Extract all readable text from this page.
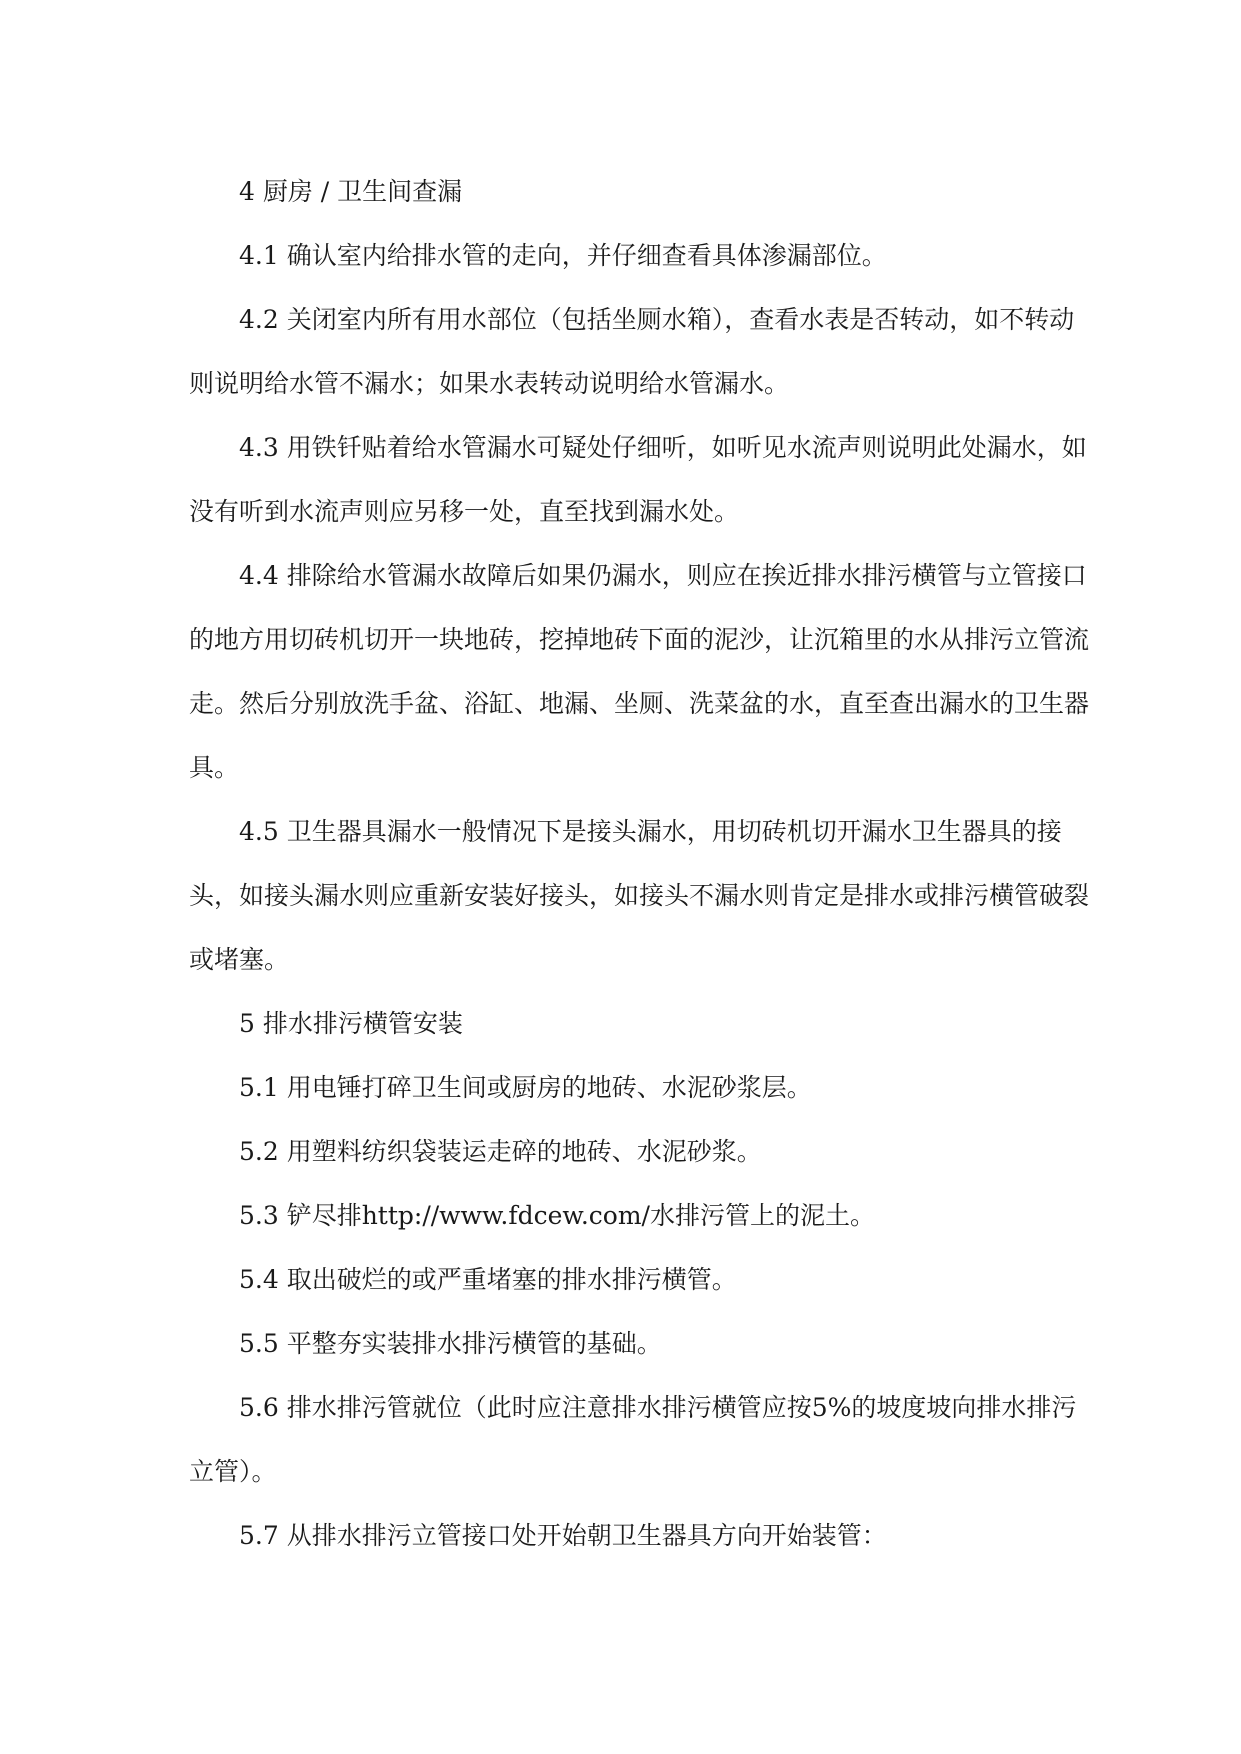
4 厨房 / 卫生间查漏

4.1 确认室内给排水管的走向，并仔细查看具体渗漏部位。

4.2 关闭室内所有用水部位（包括坐厕水箱），查看水表是否转动，如不转动则说明给水管不漏水；如果水表转动说明给水管漏水。

4.3 用铁钎贴着给水管漏水可疑处仔细听，如听见水流声则说明此处漏水，如没有听到水流声则应另移一处，直至找到漏水处。

4.4 排除给水管漏水故障后如果仍漏水，则应在挨近排水排污横管与立管接口的地方用切砖机切开一块地砖，挖掉地砖下面的泥沙，让沉箱里的水从排污立管流走。然后分别放洗手盆、浴缸、地漏、坐厕、洗菜盆的水，直至查出漏水的卫生器具。

4.5 卫生器具漏水一般情况下是接头漏水，用切砖机切开漏水卫生器具的接头，如接头漏水则应重新安装好接头，如接头不漏水则肯定是排水或排污横管破裂或堵塞。

5 排水排污横管安装

5.1 用电锤打碎卫生间或厨房的地砖、水泥砂浆层。

5.2 用塑料纺织袋装运走碎的地砖、水泥砂浆。

5.3 铲尽排http://www.fdcew.com/水排污管上的泥土。

5.4 取出破烂的或严重堵塞的排水排污横管。

5.5 平整夯实装排水排污横管的基础。

5.6 排水排污管就位（此时应注意排水排污横管应按5%的坡度坡向排水排污立管）。

5.7 从排水排污立管接口处开始朝卫生器具方向开始装管：
